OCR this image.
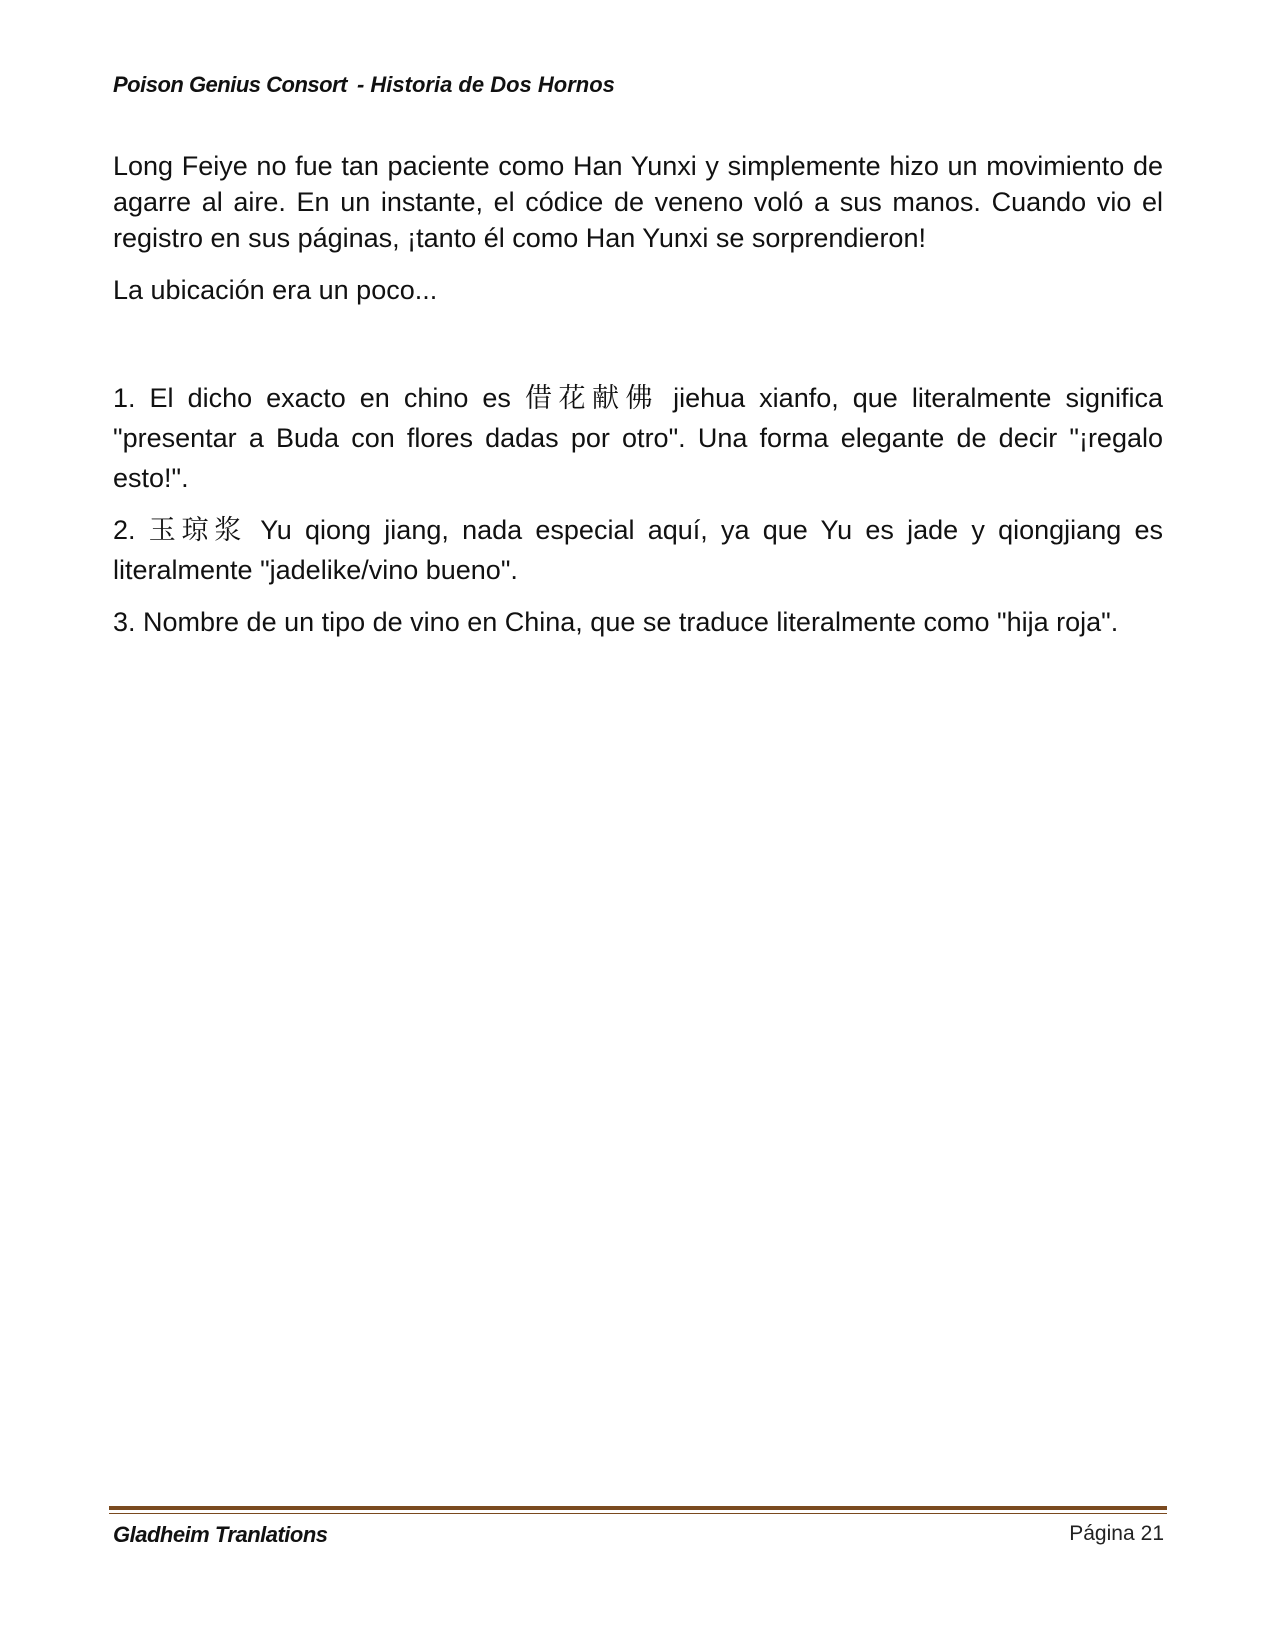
Poison Genius Consort - Historia de Dos Hornos

Long Feiye no fue tan paciente como Han Yunxi y simplemente hizo un movimiento de agarre al aire. En un instante, el códice de veneno voló a sus manos. Cuando vio el registro en sus páginas, ¡tanto él como Han Yunxi se sorprendieron!

La ubicación era un poco...

1. El dicho exacto en chino es 借花献佛 jiehua xianfo, que literalmente significa "presentar a Buda con flores dadas por otro". Una forma elegante de decir "¡regalo esto!".

2. 玉琼浆 Yu qiong jiang, nada especial aquí, ya que Yu es jade y qiongjiang es literalmente "jadelike/vino bueno".

3. Nombre de un tipo de vino en China, que se traduce literalmente como "hija roja".

Gladheim Tranlations	Página 21
